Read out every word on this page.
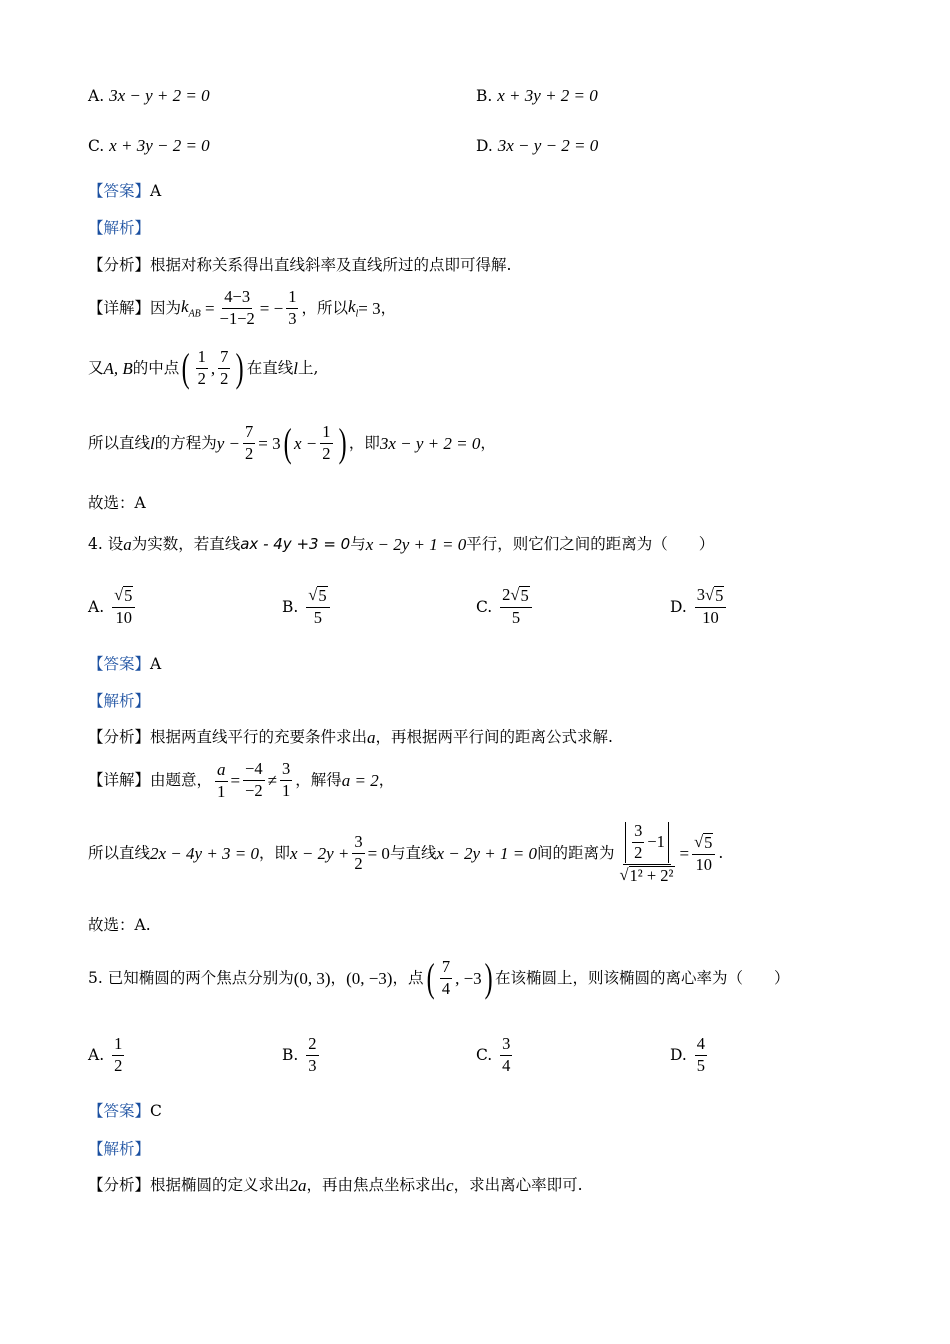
A.
3x − y + 2 = 0	B.
x + 3y + 2 = 0
C.
x + 3y − 2 = 0	D.
3x − y − 2 = 0
【答案】A
【解析】
【分析】根据对称关系得出直线斜率及直线所过的点即可得解.
【详解】 因为 $k_{AB} = \frac{4-3}{-1-2}$ = − $\frac{1}{3}$ ，所以 $k_l = 3$ ，
又 A, B 的中点 ( $\frac{1}{2}$ , $\frac{7}{2}$ ) 在直线 l 上,
所以直线 l 的方程为 $y - \frac{7}{2} = 3$ ( $x - \frac{1}{2}$ ) ，即 3x − y + 2 = 0 ，
故选：A
4. 设 a 为实数，若直线 ax - 4y +3 = 0 与 x − 2y + 1 = 0 平行，则它们之间的距离为（　　）
A.
$\frac{√ 5}{10}$	B.
$\frac{√ 5}{5}$	C.
$\frac{2√ 5}{5}$	D.
$\frac{3√ 5}{10}$
【答案】A
【解析】
【分析】 根据两直线平行的充要条件求出 a ，再根据两平行间的距离公式求解.
【详解】 由题意， $\frac{a}{1} = \frac{-4}{-2} \ne \frac{3}{1}$ ，解得 a = 2 ，
所以直线 2x − 4y + 3 = 0 ，即 $x - 2y + \frac{3}{2} = 0$ 与直线 x − 2y + 1 = 0 间的距离为 $\frac{\frac{3}{2} -1}{\text{√ 1² + 2²}} = \frac{√ 5}{10}$ .
故选：A.
5. 已知椭圆的两个焦点分别为 (0, 3) ， (0, −3) ，点 ( $\frac{7}{4}$ , −3 ) 在该椭圆上，则该椭圆的离心率为（　　）
A.
$\frac{1}{2}$	B.
$\frac{2}{3}$	C.
$\frac{3}{4}$	D.
$\frac{4}{5}$
【答案】C
【解析】
【分析】 根据椭圆的定义求出 2a ，再由焦点坐标求出 c ，求出离心率即可.
